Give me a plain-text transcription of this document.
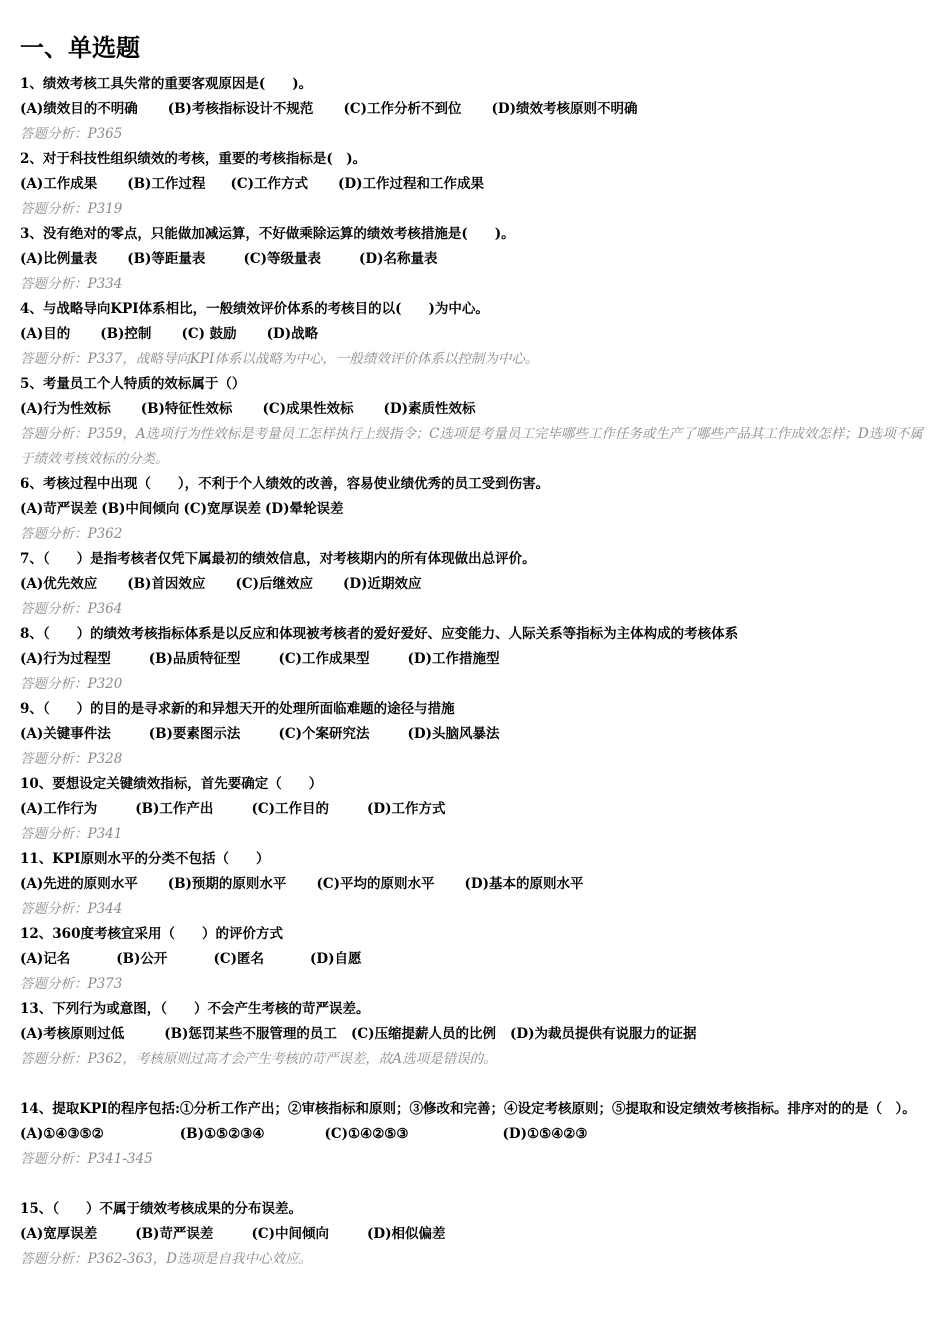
一、单选题
1、绩效考核工具失常的重要客观原因是(　　)。
(A)绩效目的不明确 (B)考核指标设计不规范 (C)工作分析不到位 (D)绩效考核原则不明确
答题分析：P365
2、对于科技性组织绩效的考核，重要的考核指标是(　)。
(A)工作成果 (B)工作过程 (C)工作方式 (D)工作过程和工作成果
答题分析：P319
3、没有绝对的零点，只能做加减运算，不好做乘除运算的绩效考核措施是(　　)。
(A)比例量表 (B)等距量表	(C)等级量表	(D)名称量表
答题分析：P334
4、与战略导向KPI体系相比，一般绩效评价体系的考核目的以(　　)为中心。
(A)目的 (B)控制 (C) 鼓励 (D)战略
答题分析：P337，战略导向KPI体系以战略为中心，一般绩效评价体系以控制为中心。
5、考量员工个人特质的效标属于（）
(A)行为性效标 (B)特征性效标 (C)成果性效标 (D)素质性效标
答题分析：P359，A选项行为性效标是考量员工怎样执行上级指令；C选项是考量员工完毕哪些工作任务或生产了哪些产品其工作成效怎样；D选项不属于绩效考核效标的分类。
6、考核过程中出现（　　），不利于个人绩效的改善，容易使业绩优秀的员工受到伤害。
(A)苛严误差 (B)中间倾向 (C)宽厚误差 (D)晕轮误差
答题分析：P362
7、（　　）是指考核者仅凭下属最初的绩效信息，对考核期内的所有体现做出总评价。
(A)优先效应 (B)首因效应 (C)后继效应 (D)近期效应
答题分析：P364
8、（　　）的绩效考核指标体系是以反应和体现被考核者的爱好爱好、应变能力、人际关系等指标为主体构成的考核体系
(A)行为过程型	(B)品质特征型	(C)工作成果型	(D)工作措施型
答题分析：P320
9、（　　）的目的是寻求新的和异想天开的处理所面临难题的途径与措施
(A)关键事件法	(B)要素图示法	(C)个案研究法	(D)头脑风暴法
答题分析：P328
10、要想设定关键绩效指标，首先要确定（　　）
(A)工作行为	(B)工作产出	(C)工作目的	(D)工作方式
答题分析：P341
11、KPI原则水平的分类不包括（　　）
(A)先进的原则水平 (B)预期的原则水平 (C)平均的原则水平 (D)基本的原则水平
答题分析：P344
12、360度考核宜采用（　　）的评价方式
(A)记名	(B)公开	(C)匿名	(D)自愿
答题分析：P373
13、下列行为或意图，（　　）不会产生考核的苛严误差。
(A)考核原则过低	(B)惩罚某些不服管理的员工 (C)压缩提薪人员的比例 (D)为裁员提供有说服力的证据
答题分析：P362，考核原则过高才会产生考核的苛严误差，故A选项是错误的。
14、提取KPI的程序包括:①分析工作产出；②审核指标和原则；③修改和完善；④设定考核原则；⑤提取和设定绩效考核指标。排序对的的是（　）。
(A)①④③⑤②	(B)①⑤②③④	(C)①④②⑤③	(D)①⑤④②③
答题分析：P341-345
15、（　　）不属于绩效考核成果的分布误差。
(A)宽厚误差	(B)苛严误差	(C)中间倾向	(D)相似偏差
答题分析：P362-363，D选项是自我中心效应。
